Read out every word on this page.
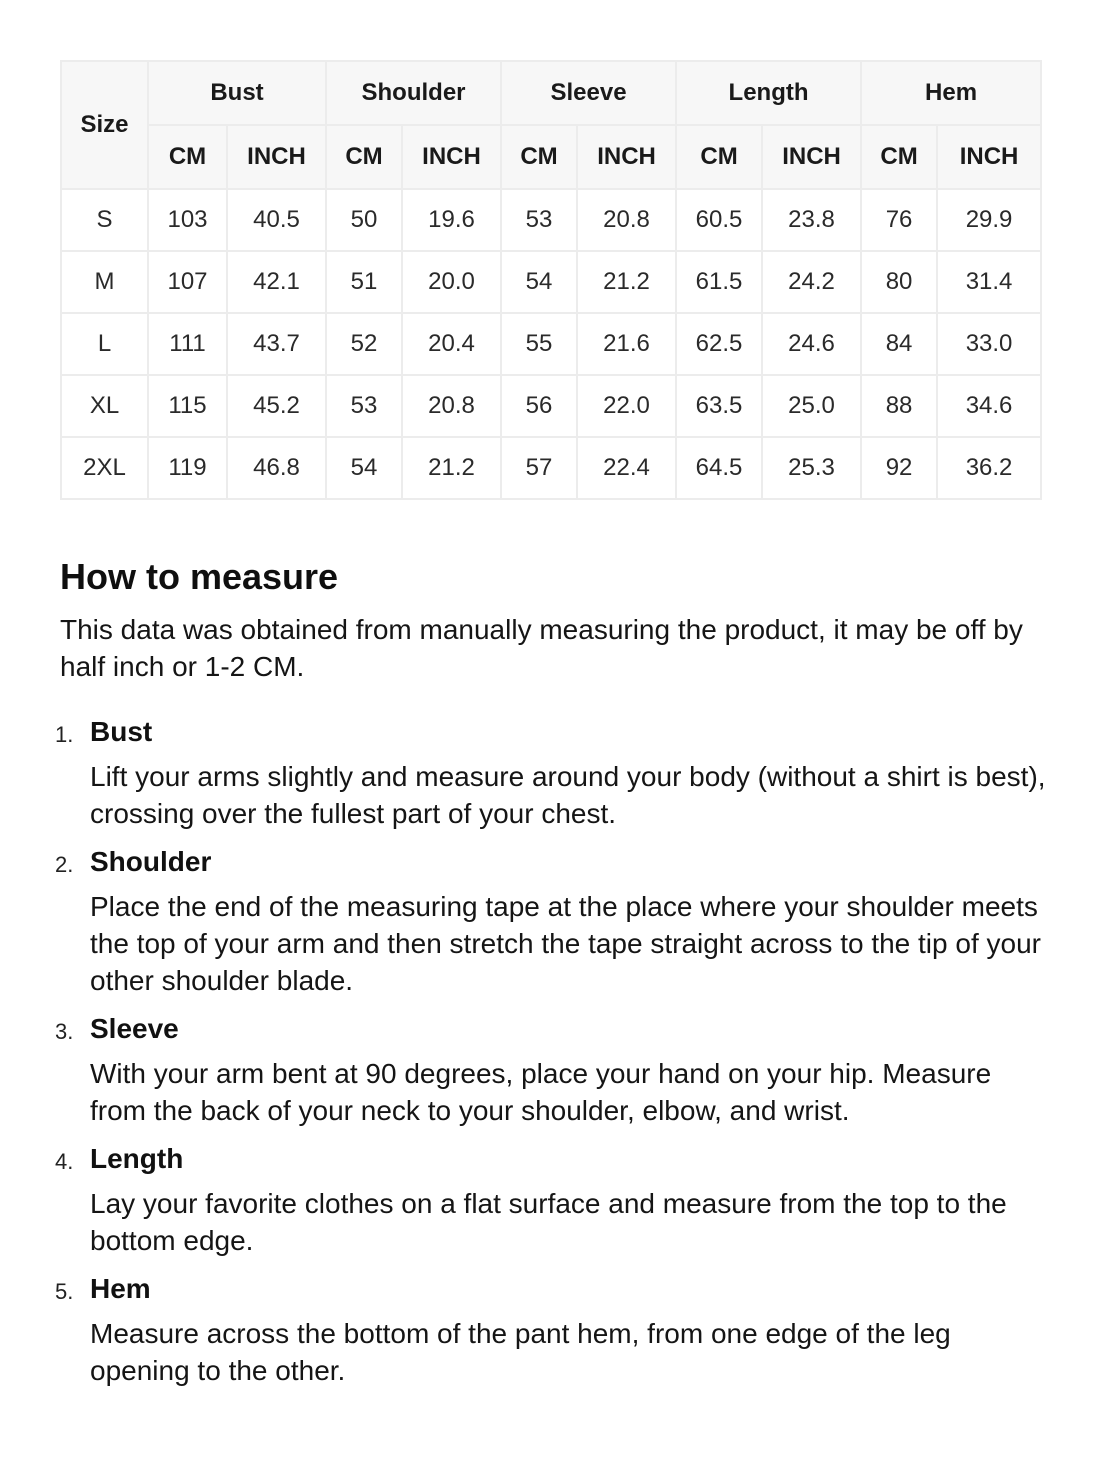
Size	Bust		Shoulder		Sleeve		Length		Hem	
	CM	INCH	CM	INCH	CM	INCH	CM	INCH	CM	INCH
S	103	40.5	50	19.6	53	20.8	60.5	23.8	76	29.9
M	107	42.1	51	20.0	54	21.2	61.5	24.2	80	31.4
L	111	43.7	52	20.4	55	21.6	62.5	24.6	84	33.0
XL	115	45.2	53	20.8	56	22.0	63.5	25.0	88	34.6
2XL	119	46.8	54	21.2	57	22.4	64.5	25.3	92	36.2
How to measure

This data was obtained from manually measuring the product, it may be off by half inch or 1-2 CM.

1. Bust
Lift your arms slightly and measure around your body (without a shirt is best), crossing over the fullest part of your chest.
2. Shoulder
Place the end of the measuring tape at the place where your shoulder meets the top of your arm and then stretch the tape straight across to the tip of your other shoulder blade.
3. Sleeve
With your arm bent at 90 degrees, place your hand on your hip. Measure from the back of your neck to your shoulder, elbow, and wrist.
4. Length
Lay your favorite clothes on a flat surface and measure from the top to the bottom edge.
5. Hem
Measure across the bottom of the pant hem, from one edge of the leg opening to the other.
